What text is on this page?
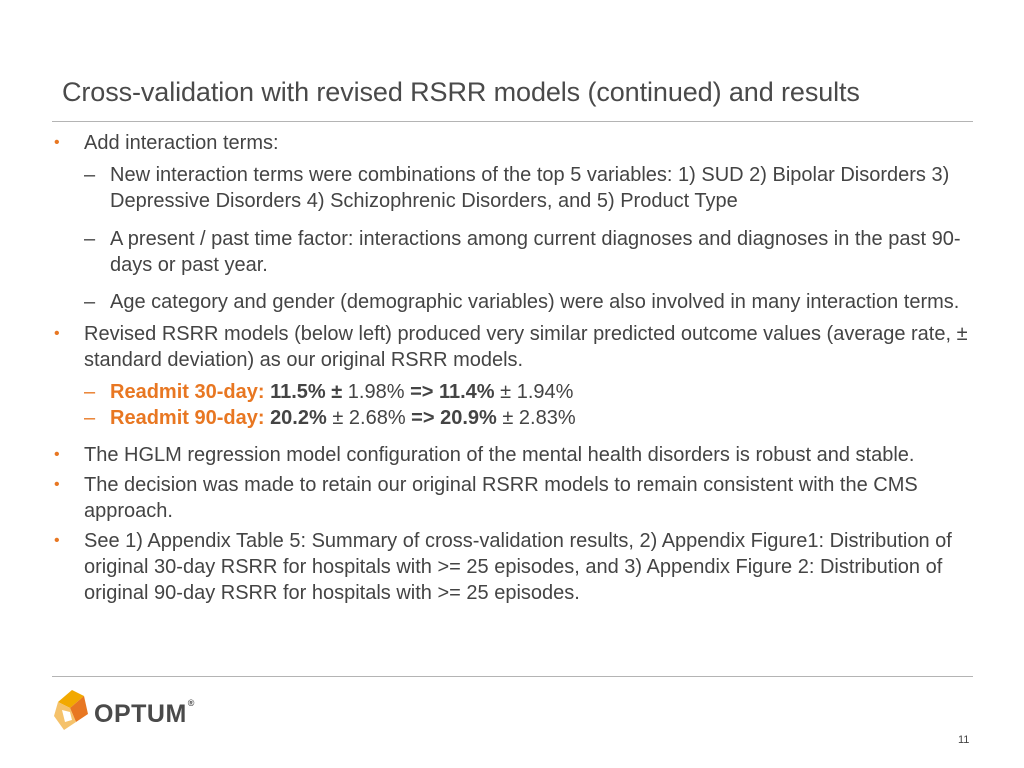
Cross-validation with revised RSRR models (continued) and results
• Add interaction terms:
– New interaction terms were combinations of the top 5 variables: 1) SUD 2) Bipolar Disorders 3) Depressive Disorders 4) Schizophrenic Disorders, and 5) Product Type
– A present / past time factor: interactions among current diagnoses and diagnoses in the past 90-days or past year.
– Age category and gender (demographic variables) were also involved in many interaction terms.
• Revised RSRR models (below left) produced very similar predicted outcome values (average rate, ± standard deviation) as our original RSRR models.
– Readmit 30-day: 11.5% ± 1.98% => 11.4% ± 1.94%
– Readmit 90-day: 20.2% ± 2.68% => 20.9% ± 2.83%
• The HGLM regression model configuration of the mental health disorders is robust and stable.
• The decision was made to retain our original RSRR models to remain consistent with the CMS approach.
• See 1) Appendix Table 5: Summary of cross-validation results, 2) Appendix Figure1: Distribution of original 30-day RSRR for hospitals with >= 25 episodes, and 3) Appendix Figure 2: Distribution of original 90-day RSRR for hospitals with >= 25 episodes.
OPTUM®
11
